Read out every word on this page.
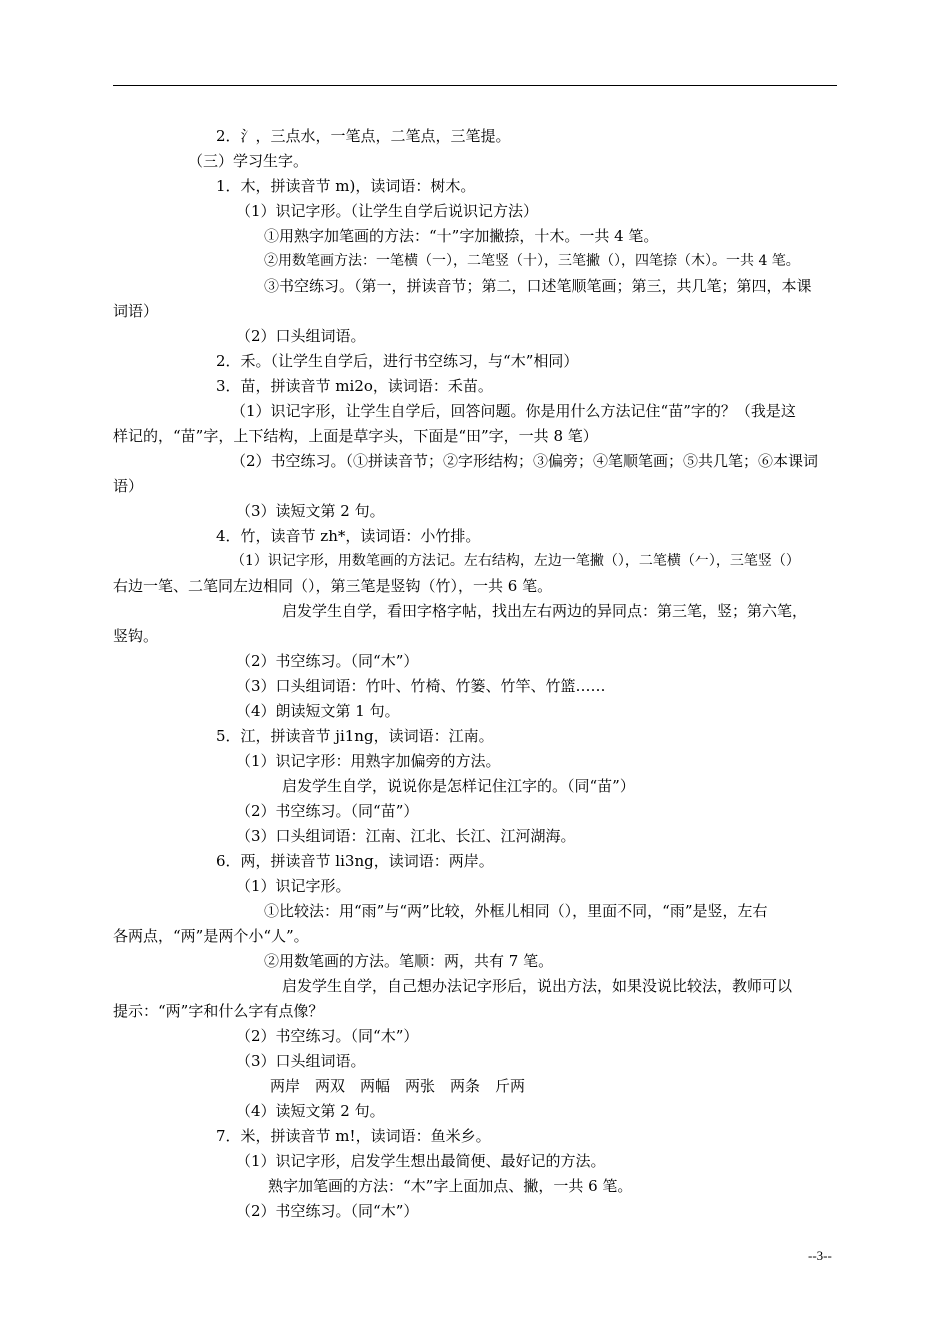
2．氵，三点水，一笔点，二笔点，三笔提。
（三）学习生字。
1．木，拼读音节 m)，读词语：树木。
（1）识记字形。（让学生自学后说识记方法）
①用熟字加笔画的方法：“十”字加撇捺，十木。一共 4 笔。
②用数笔画方法：一笔横（一），二笔竖（十），三笔撇（），四笔捺（木）。一共 4 笔。
③书空练习。（第一，拼读音节；第二，口述笔顺笔画；第三，共几笔；第四，本课
词语）
（2）口头组词语。
2．禾。（让学生自学后，进行书空练习，与“木”相同）
3．苗，拼读音节 mi2o，读词语：禾苗。
（1）识记字形，让学生自学后，回答问题。你是用什么方法记住“苗”字的？（我是这
样记的，“苗”字，上下结构，上面是草字头，下面是“田”字，一共 8 笔）
（2）书空练习。（①拼读音节；②字形结构；③偏旁；④笔顺笔画；⑤共几笔；⑥本课词
语）
（3）读短文第 2 句。
4．竹，读音节 zh*，读词语：小竹排。
（1）识记字形，用数笔画的方法记。左右结构，左边一笔撇（），二笔横（𠂉），三笔竖（）
右边一笔、二笔同左边相同（），第三笔是竖钩（竹），一共 6 笔。
启发学生自学，看田字格字帖，找出左右两边的异同点：第三笔，竖；第六笔，
竖钩。
（2）书空练习。（同“木”）
（3）口头组词语：竹叶、竹椅、竹篓、竹竿、竹篮……
（4）朗读短文第 1 句。
5．江，拼读音节 ji1ng，读词语：江南。
（1）识记字形：用熟字加偏旁的方法。
启发学生自学，说说你是怎样记住江字的。（同“苗”）
（2）书空练习。（同“苗”）
（3）口头组词语：江南、江北、长江、江河湖海。
6．两，拼读音节 li3ng，读词语：两岸。
（1）识记字形。
①比较法：用“雨”与“两”比较，外框儿相同（），里面不同，“雨”是竖，左右
各两点，“两”是两个小“人”。
②用数笔画的方法。笔顺：两，共有 7 笔。
启发学生自学，自己想办法记字形后，说出方法，如果没说比较法，教师可以
提示：“两”字和什么字有点像？
（2）书空练习。（同“木”）
（3）口头组词语。
两岸　两双　两幅　两张　两条　斤两
（4）读短文第 2 句。
7．米，拼读音节 m!，读词语：鱼米乡。
（1）识记字形，启发学生想出最简便、最好记的方法。
熟字加笔画的方法：“木”字上面加点、撇，一共 6 笔。
（2）书空练习。（同“木”）
--3--
